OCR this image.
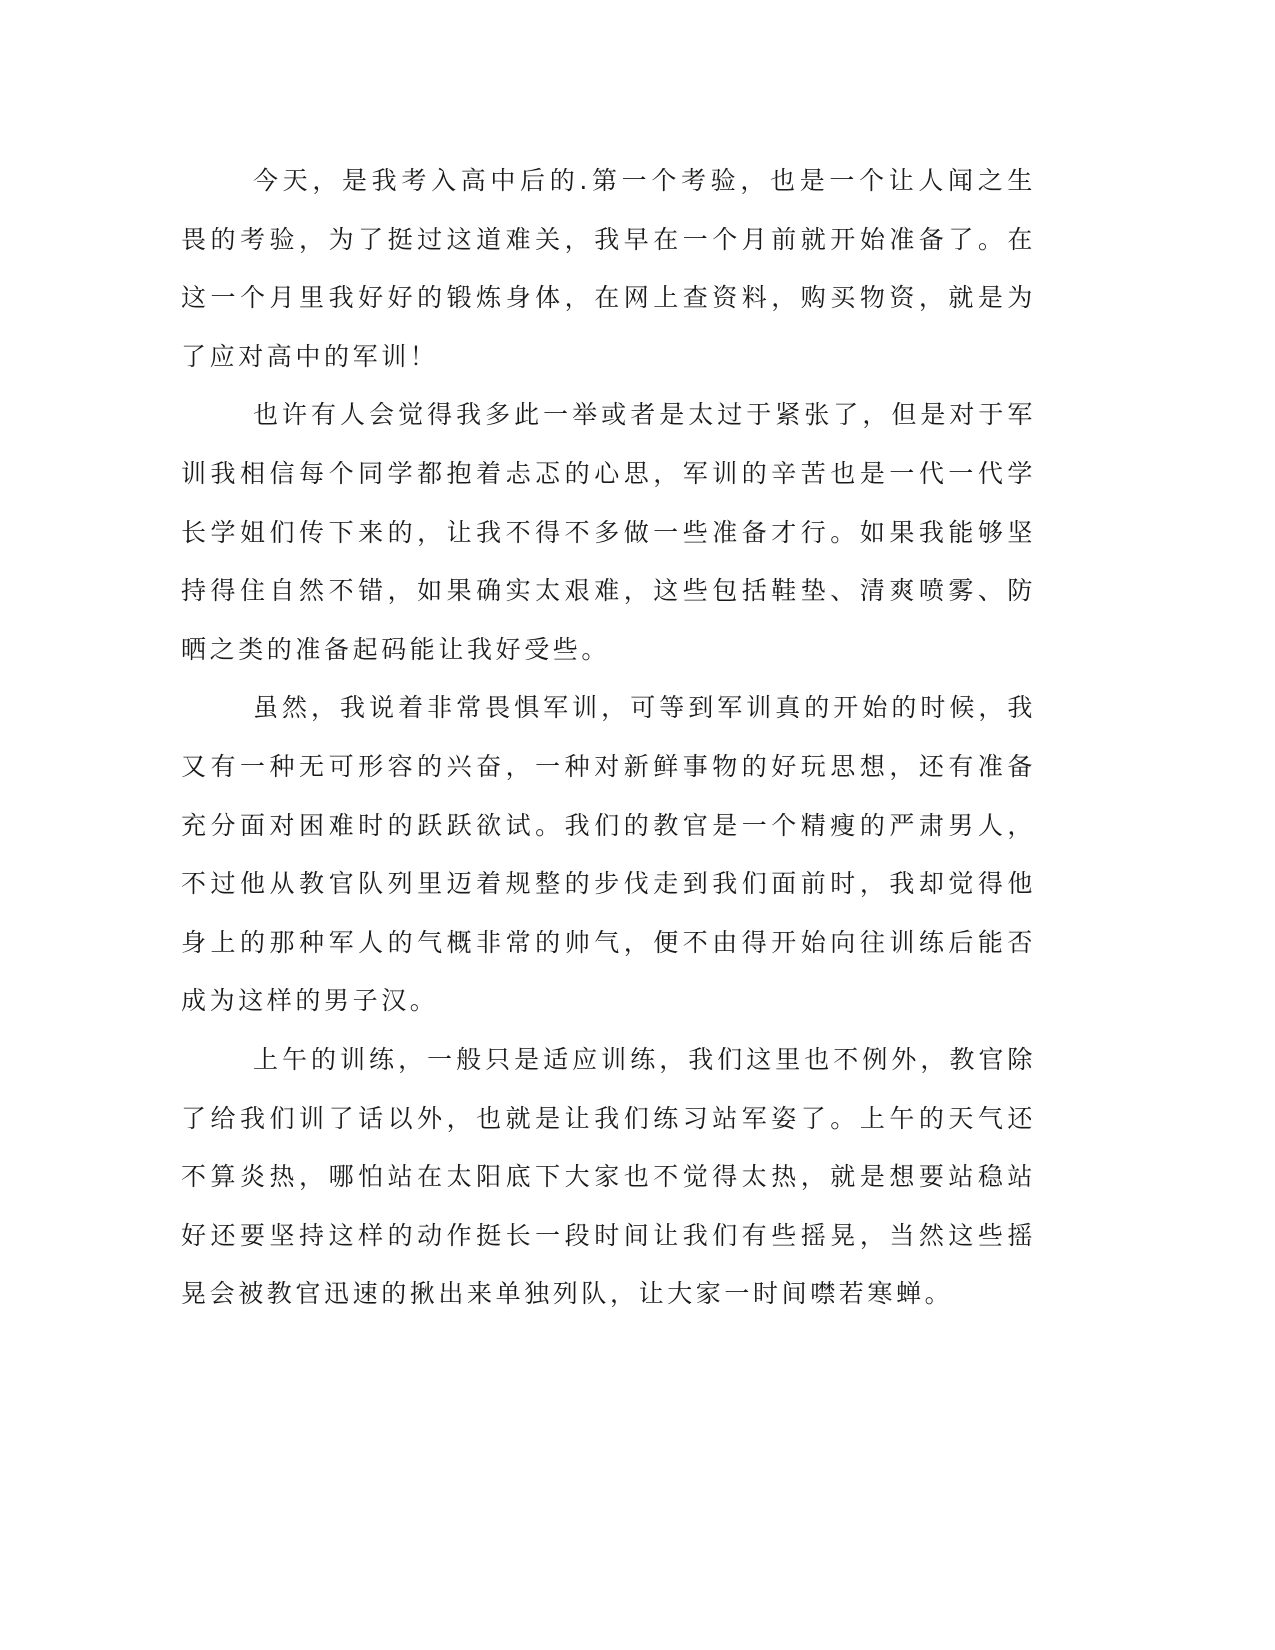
今天，是我考入高中后的.第一个考验，也是一个让人闻之生畏的考验，为了挺过这道难关，我早在一个月前就开始准备了。在这一个月里我好好的锻炼身体，在网上查资料，购买物资，就是为了应对高中的军训！

也许有人会觉得我多此一举或者是太过于紧张了，但是对于军训我相信每个同学都抱着忐忑的心思，军训的辛苦也是一代一代学长学姐们传下来的，让我不得不多做一些准备才行。如果我能够坚持得住自然不错，如果确实太艰难，这些包括鞋垫、清爽喷雾、防晒之类的准备起码能让我好受些。

虽然，我说着非常畏惧军训，可等到军训真的开始的时候，我又有一种无可形容的兴奋，一种对新鲜事物的好玩思想，还有准备充分面对困难时的跃跃欲试。我们的教官是一个精瘦的严肃男人，不过他从教官队列里迈着规整的步伐走到我们面前时，我却觉得他身上的那种军人的气概非常的帅气，便不由得开始向往训练后能否成为这样的男子汉。

上午的训练，一般只是适应训练，我们这里也不例外，教官除了给我们训了话以外，也就是让我们练习站军姿了。上午的天气还不算炎热，哪怕站在太阳底下大家也不觉得太热，就是想要站稳站好还要坚持这样的动作挺长一段时间让我们有些摇晃，当然这些摇晃会被教官迅速的揪出来单独列队，让大家一时间噤若寒蝉。
